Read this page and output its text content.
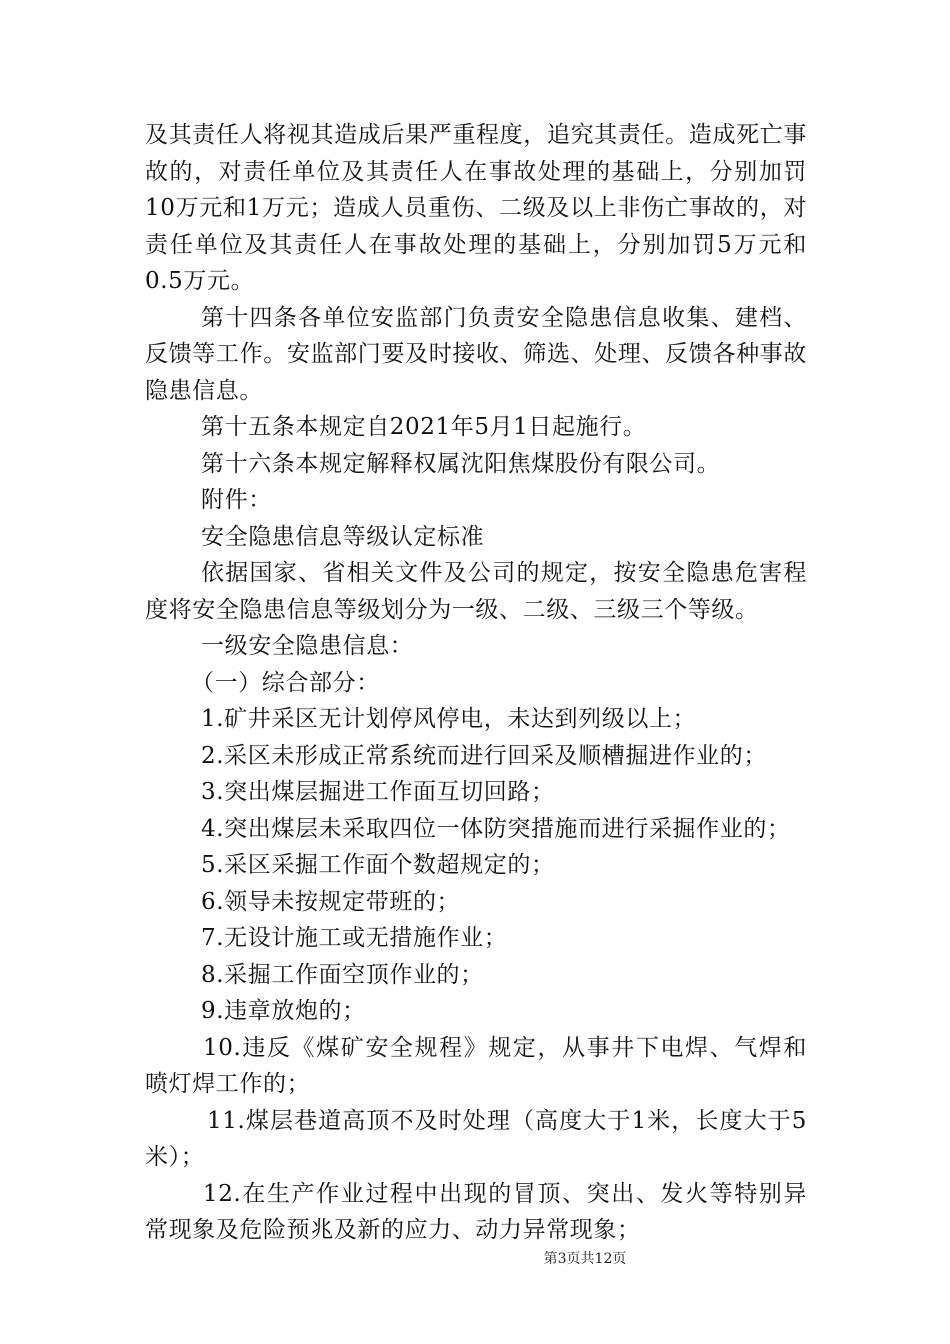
及其责任人将视其造成后果严重程度，追究其责任。造成死亡事故的，对责任单位及其责任人在事故处理的基础上，分别加罚10万元和1万元；造成人员重伤、二级及以上非伤亡事故的，对责任单位及其责任人在事故处理的基础上，分别加罚5万元和0.5万元。

第十四条各单位安监部门负责安全隐患信息收集、建档、反馈等工作。安监部门要及时接收、筛选、处理、反馈各种事故隐患信息。

第十五条本规定自2021年5月1日起施行。

第十六条本规定解释权属沈阳焦煤股份有限公司。

附件：

安全隐患信息等级认定标准

依据国家、省相关文件及公司的规定，按安全隐患危害程度将安全隐患信息等级划分为一级、二级、三级三个等级。

一级安全隐患信息：

（一）综合部分：

1.矿井采区无计划停风停电，未达到列级以上；

2.采区未形成正常系统而进行回采及顺槽掘进作业的；

3.突出煤层掘进工作面互切回路；

4.突出煤层未采取四位一体防突措施而进行采掘作业的；

5.采区采掘工作面个数超规定的；

6.领导未按规定带班的；

7.无设计施工或无措施作业；

8.采掘工作面空顶作业的；

9.违章放炮的；

10.违反《煤矿安全规程》规定，从事井下电焊、气焊和喷灯焊工作的；

11.煤层巷道高顶不及时处理（高度大于1米，长度大于5米）；

12.在生产作业过程中出现的冒顶、突出、发火等特别异常现象及危险预兆及新的应力、动力异常现象；

第3页共12页
